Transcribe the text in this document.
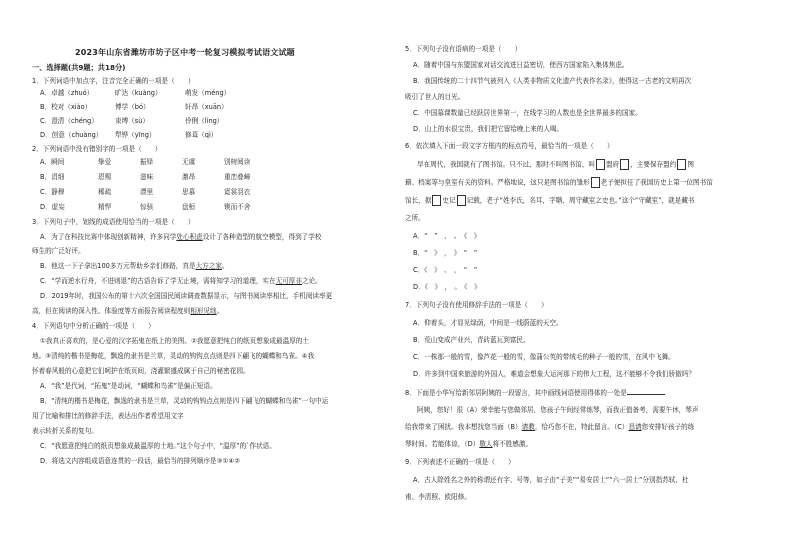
2023年山东省潍坊市坊子区中考一轮复习模拟考试语文试题
一、选择题(共9题；共18分)
1．下列词语中加点字，注音完全正确的一项是（　　）
A．卓越（zhuó）	旷达（kuàng）	萌发（méng）
B．校对（xiào）	博学（bó）	轩昂（xuān）
C．澄清（chéng）	束缚（sù）	伶俐（lìng）
D．创意（chuàng）	犁铧（yīng）	修葺（qì）
2．下列词语中没有错别字的一项是（　　）
A．瞬间	挚爱	振铎	无虞	别树阅读
B．涓细	恩赐	滋味	激昂	重峦叠嶂
C．静穆	稀疏	漂里	思慕	霓裳羽衣
D．虚妄	精悍	惊骇	盘桓	锲而不舍
3．下列句子中，划线的成语使用恰当的一项是（　　）
A．为了在科技比赛中体现创新精神，许多同学处心积虑设计了各种造型的航空模型，得到了学校
师生的广泛好评。
B．他这一下子拿出100多万元帮助乡亲们修路，真是大方之家。
C．“学而逆水行舟，不进则退”的古语告诉了学无止境，需将知学习的道理，实在无可厚非之论。
D．2019年时，我国公布的第十六次全国国民阅读调查数据显示，与图书阅读率相比，手机阅读率更
高，但在阅读的深入性、体验度等方面报告阅读程度则相形见绌。
4．下列语句中分析正确的一项是（　　）
①我真正喜欢的，是心爱的汉字拓鬼在纸上的美图。②我愿意把纯白的纸页想象成最温厚的土
地。③清纯的楷书是梅花，飘逸的隶书是兰草，灵动的钩钩点点则是四下翩飞的蝴蝶和鸟雀。④我
怀着春风般的心意把它们呵护在纸页间，浇灌繁盛成属于自己的秘密花园。
A．“我”是代词，“拓鬼”是动词，“蝴蝶和鸟雀”是偏正短语。
B．“清纯的楷书是梅花，飘逸的隶书是兰草，灵动的钩钩点点则是四下翩飞的蝴蝶和鸟雀”一句中运
用了比喻和排比的修辞手法，表达出作者希望用文字
表示转折关系的复句。
C．“我愿意把纯白的纸页想象成最温厚的土地。”这个句子中，“温厚”的`作状语。
D．将选文内容组成语意连贯的一段话，最恰当的排列顺序是③①④②
5．下列句子没有语病的一项是（　　）
A．随着中国与东盟国家对话交流进日益密切，使西方国家陷入集体焦虑。
B．我国传统的二十四节气被列入《人类非物质文化遗产代表作名录》，使得这一古老的文明再次
吸引了世人的目光。
C．中国慕课数量已经跃居世界第一，在线学习的人数也是全世界最多的国家。
D．山上的水很宝贵，我们把它留给晚上来的人喝。
6．依次填入下面一段文字方框内的标点符号，最恰当的一项是（　　）
早在周代，我国就有了图书馆。只不过，那时不叫图书馆，叫 盟府 ，主要保存盟约 图
籍、档案等与皇室有关的资料。严格地说，这只是图书馆的雏形 老子便担任了我国历史上第一位图书馆
馆长，据 史记 记载，老子“姓李氏，名耳，字聃，周守藏室之史也。”这个“守藏室”，就是藏书
之所。
A．“　”　、　。　《　》
B．“　》　，　》　“　”
C．《　》　、　，　“　”
D．《　》　，　。　《　》
7．下列句子没有使用修辞手法的一项是（　　）
A．仰着头，才显见绿荫，中间是一线蔚蓝的天空。
B．荒山变成产业兴，青砖蓝瓦到富民。
C．一株那一般的雪，像芦花一般的雪，像蒲公英的带绒毛的种子一般的雪，在风中飞舞。
D．许多到中国来旅游的外国人，难道会想象大运河那下的伟大工程，这不能够不令我们骄傲吗？
8．下面是小华写给新邻居阿姨的一段留言，其中画线词语使用得体的一处是
阿姨，您好！很（A）荣幸能与您做邻居，您孩子午间经常练琴，而我正值备考，需要午休，琴声
给我带来了困扰。我本想找您当面（B）请教，恰巧您不在，特此留言。（C）恳请您安排好孩子的练
琴时间。若能体谅，（D）敬人将不胜感激。
9．下列表述不正确的一项是（　　）
A．古人除姓名之外的称谓还有字、号等，如子由“子美”“易安居士”“六一居士”分别指苏轼、杜
甫、李清照、欧阳修。
